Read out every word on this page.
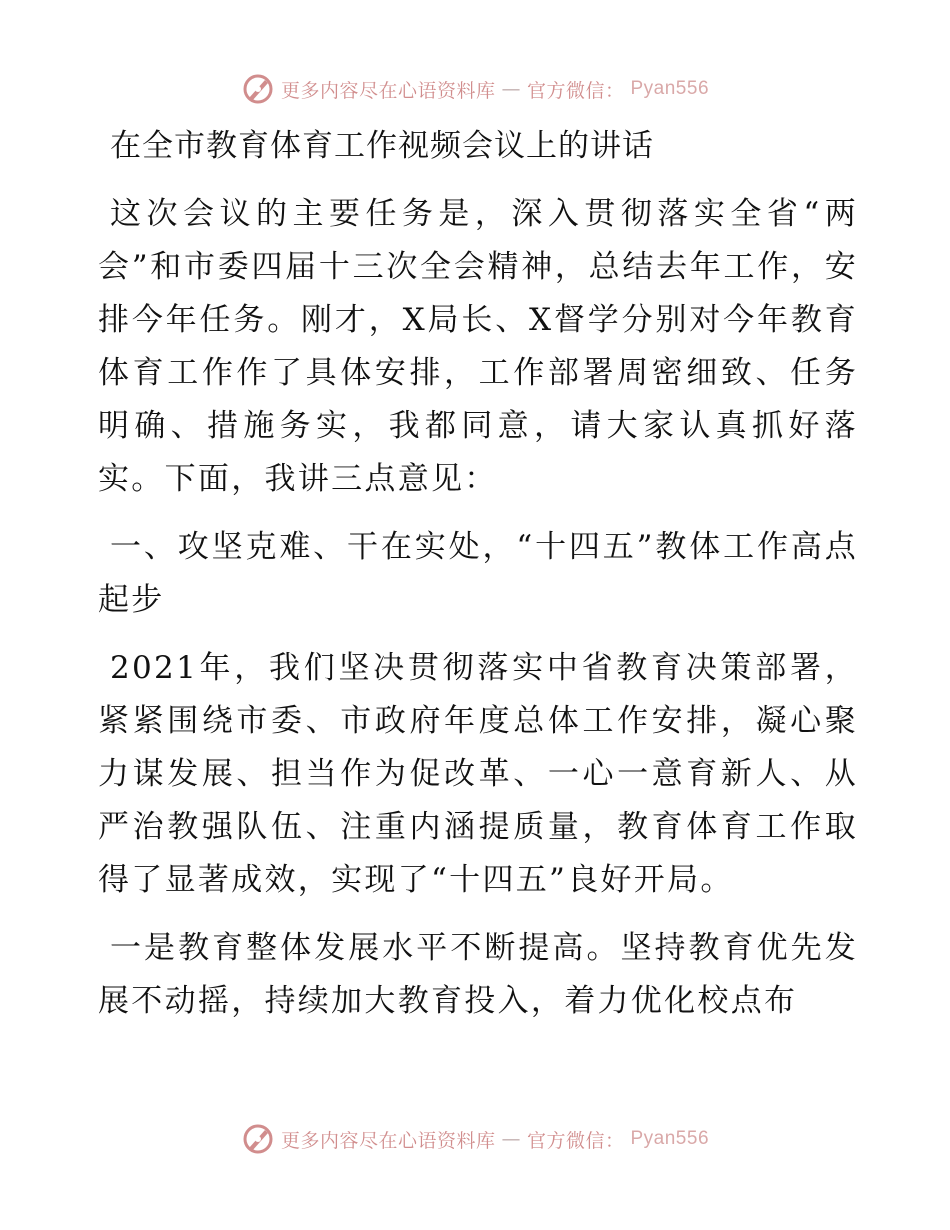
更多内容尽在心语资料库 — 官方微信： Pyan556
在全市教育体育工作视频会议上的讲话

这次会议的主要任务是，深入贯彻落实全省“两会”和市委四届十三次全会精神，总结去年工作，安排今年任务。刚才，X局长、X督学分别对今年教育体育工作作了具体安排，工作部署周密细致、任务明确、措施务实，我都同意，请大家认真抓好落实。下面，我讲三点意见：

一、攻坚克难、干在实处，“十四五”教体工作高点起步

2021年，我们坚决贯彻落实中省教育决策部署，紧紧围绕市委、市政府年度总体工作安排，凝心聚力谋发展、担当作为促改革、一心一意育新人、从严治教强队伍、注重内涵提质量，教育体育工作取得了显著成效，实现了“十四五”良好开局。

一是教育整体发展水平不断提高。坚持教育优先发展不动摇，持续加大教育投入，着力优化校点布

更多内容尽在心语资料库 — 官方微信： Pyan556
